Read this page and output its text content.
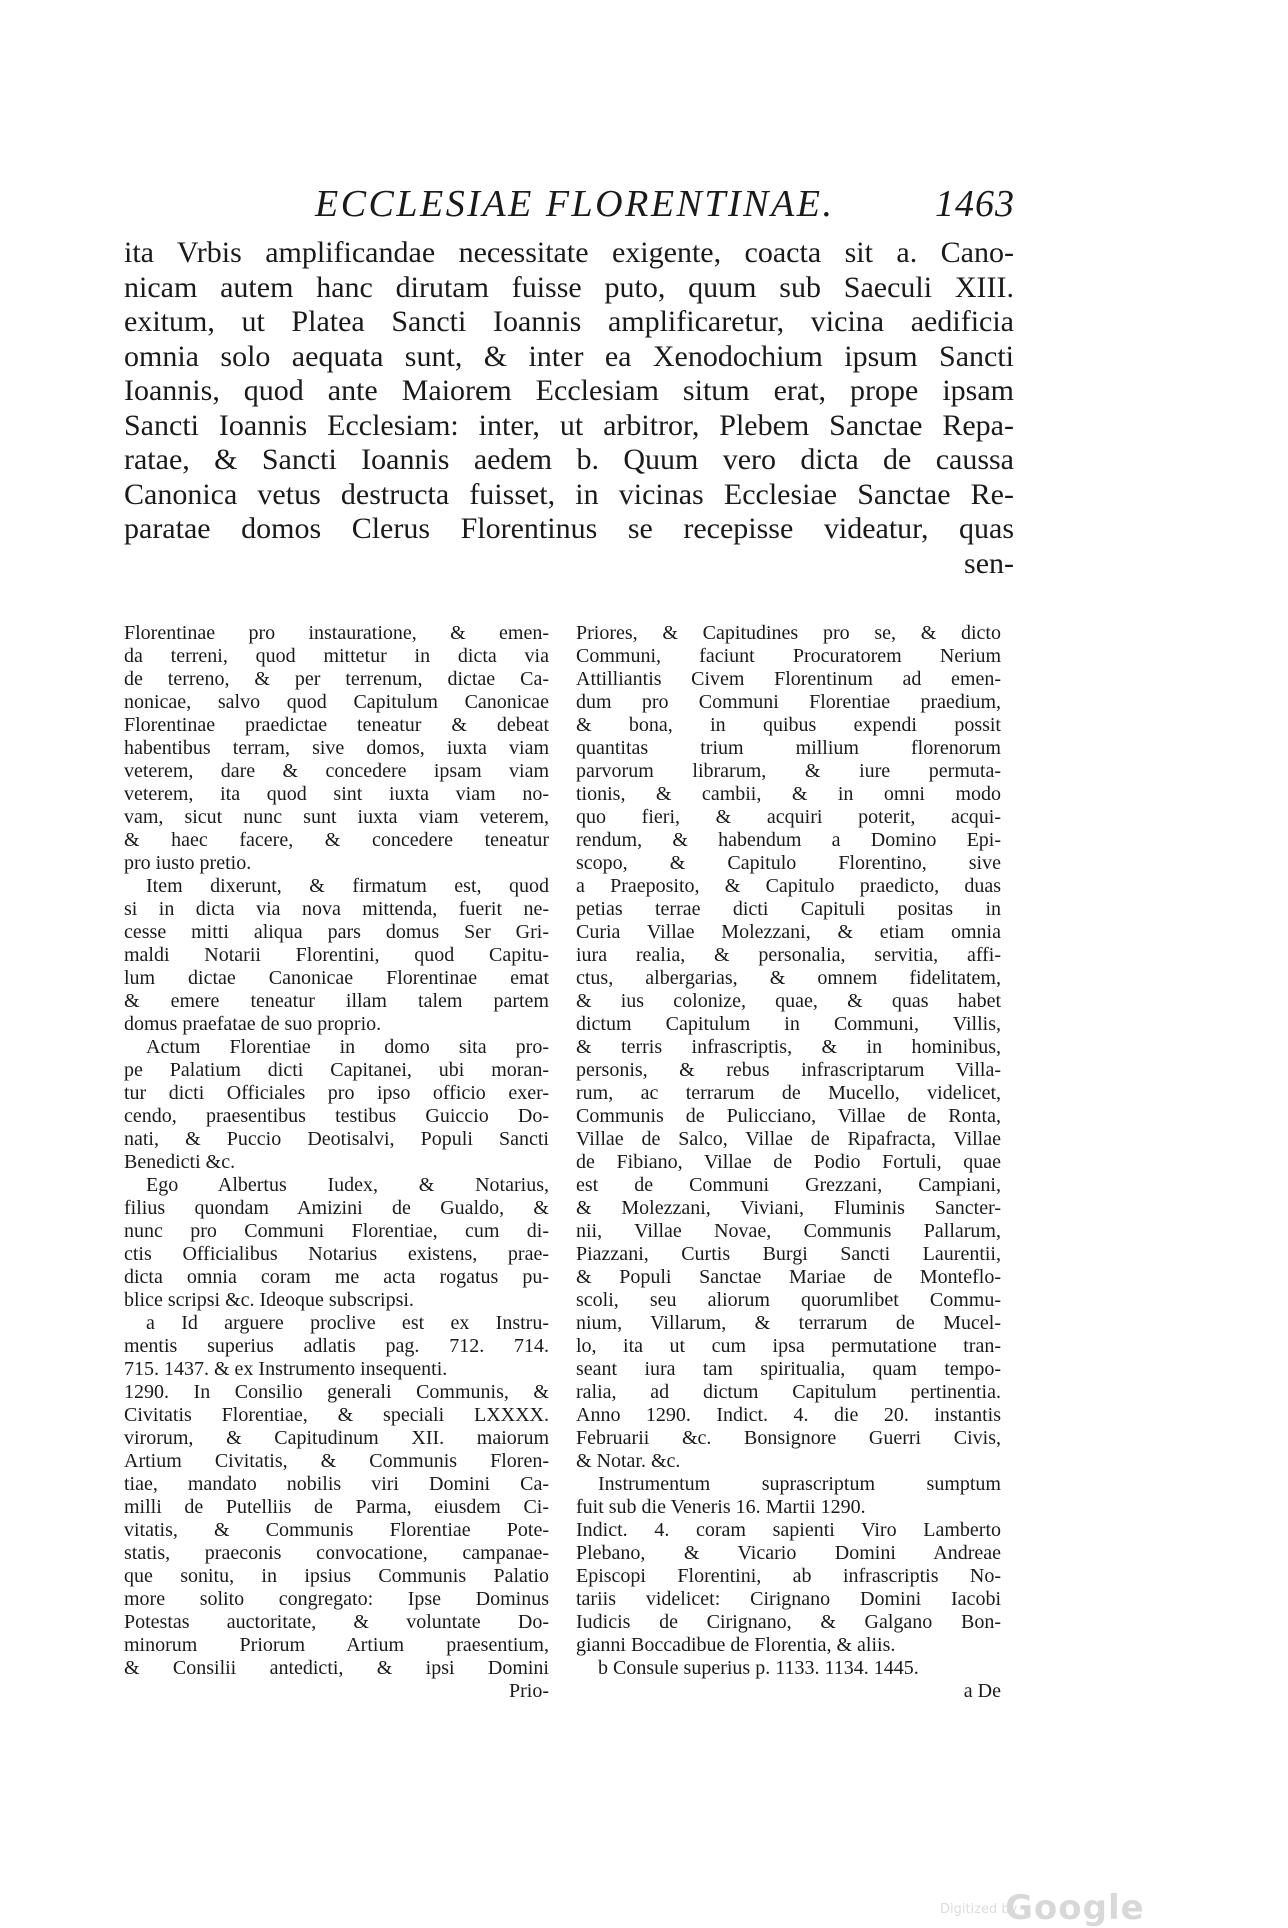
ECCLESIAE FLORENTINAE.	1463
ita Vrbis amplificandae necessitate exigente, coacta sit a. Cano-
nicam autem hanc dirutam fuisse puto, quum sub Saeculi XIII.
exitum, ut Platea Sancti Ioannis amplificaretur, vicina aedificia
omnia solo aequata sunt, & inter ea Xenodochium ipsum Sancti
Ioannis, quod ante Maiorem Ecclesiam situm erat, prope ipsam
Sancti Ioannis Ecclesiam: inter, ut arbitror, Plebem Sanctae Repa-
ratae, & Sancti Ioannis aedem b. Quum vero dicta de caussa
Canonica vetus destructa fuisset, in vicinas Ecclesiae Sanctae Re-
paratae domos Clerus Florentinus se recepisse videatur, quas
sen-
Florentinae pro instauratione, & emen-
da terreni, quod mittetur in dicta via
de terreno, & per terrenum, dictae Ca-
nonicae, salvo quod Capitulum Canonicae
Florentinae praedictae teneatur & debeat
habentibus terram, sive domos, iuxta viam
veterem, dare & concedere ipsam viam
veterem, ita quod sint iuxta viam no-
vam, sicut nunc sunt iuxta viam veterem,
& haec facere, & concedere teneatur
pro iusto pretio.
Item dixerunt, & firmatum est, quod
si in dicta via nova mittenda, fuerit ne-
cesse mitti aliqua pars domus Ser Gri-
maldi Notarii Florentini, quod Capitu-
lum dictae Canonicae Florentinae emat
& emere teneatur illam talem partem
domus praefatae de suo proprio.
Actum Florentiae in domo sita pro-
pe Palatium dicti Capitanei, ubi moran-
tur dicti Officiales pro ipso officio exer-
cendo, praesentibus testibus Guiccio Do-
nati, & Puccio Deotisalvi, Populi Sancti
Benedicti &c.
Ego Albertus Iudex, & Notarius,
filius quondam Amizini de Gualdo, &
nunc pro Communi Florentiae, cum di-
ctis Officialibus Notarius existens, prae-
dicta omnia coram me acta rogatus pu-
blice scripsi &c. Ideoque subscripsi.
a Id arguere proclive est ex Instru-
mentis superius adlatis pag. 712. 714.
715. 1437. & ex Instrumento insequenti.
1290. In Consilio generali Communis, &
Civitatis Florentiae, & speciali LXXXX.
virorum, & Capitudinum XII. maiorum
Artium Civitatis, & Communis Floren-
tiae, mandato nobilis viri Domini Ca-
milli de Putelliis de Parma, eiusdem Ci-
vitatis, & Communis Florentiae Pote-
statis, praeconis convocatione, campanae-
que sonitu, in ipsius Communis Palatio
more solito congregato: Ipse Dominus
Potestas auctoritate, & voluntate Do-
minorum Priorum Artium praesentium,
& Consilii antedicti, & ipsi Domini
Prio-
Priores, & Capitudines pro se, & dicto
Communi, faciunt Procuratorem Nerium
Attilliantis Civem Florentinum ad emen-
dum pro Communi Florentiae praedium,
& bona, in quibus expendi possit
quantitas trium millium florenorum
parvorum librarum, & iure permuta-
tionis, & cambii, & in omni modo
quo fieri, & acquiri poterit, acqui-
rendum, & habendum a Domino Epi-
scopo, & Capitulo Florentino, sive
a Praeposito, & Capitulo praedicto, duas
petias terrae dicti Capituli positas in
Curia Villae Molezzani, & etiam omnia
iura realia, & personalia, servitia, affi-
ctus, albergarias, & omnem fidelitatem,
& ius colonize, quae, & quas habet
dictum Capitulum in Communi, Villis,
& terris infrascriptis, & in hominibus,
personis, & rebus infrascriptarum Villa-
rum, ac terrarum de Mucello, videlicet,
Communis de Pulicciano, Villae de Ronta,
Villae de Salco, Villae de Ripafracta, Villae
de Fibiano, Villae de Podio Fortuli, quae
est de Communi Grezzani, Campiani,
& Molezzani, Viviani, Fluminis Sancter-
nii, Villae Novae, Communis Pallarum,
Piazzani, Curtis Burgi Sancti Laurentii,
& Populi Sanctae Mariae de Monteflo-
scoli, seu aliorum quorumlibet Commu-
nium, Villarum, & terrarum de Mucel-
lo, ita ut cum ipsa permutatione tran-
seant iura tam spiritualia, quam tempo-
ralia, ad dictum Capitulum pertinentia.
Anno 1290. Indict. 4. die 20. instantis
Februarii &c. Bonsignore Guerri Civis,
& Notar. &c.
Instrumentum suprascriptum sumptum
fuit sub die Veneris 16. Martii 1290.
Indict. 4. coram sapienti Viro Lamberto
Plebano, & Vicario Domini Andreae
Episcopi Florentini, ab infrascriptis No-
tariis videlicet: Cirignano Domini Iacobi
Iudicis de Cirignano, & Galgano Bon-
gianni Boccadibue de Florentia, & aliis.
b Consule superius p. 1133. 1134. 1445.
a De
Digitized by
Google
